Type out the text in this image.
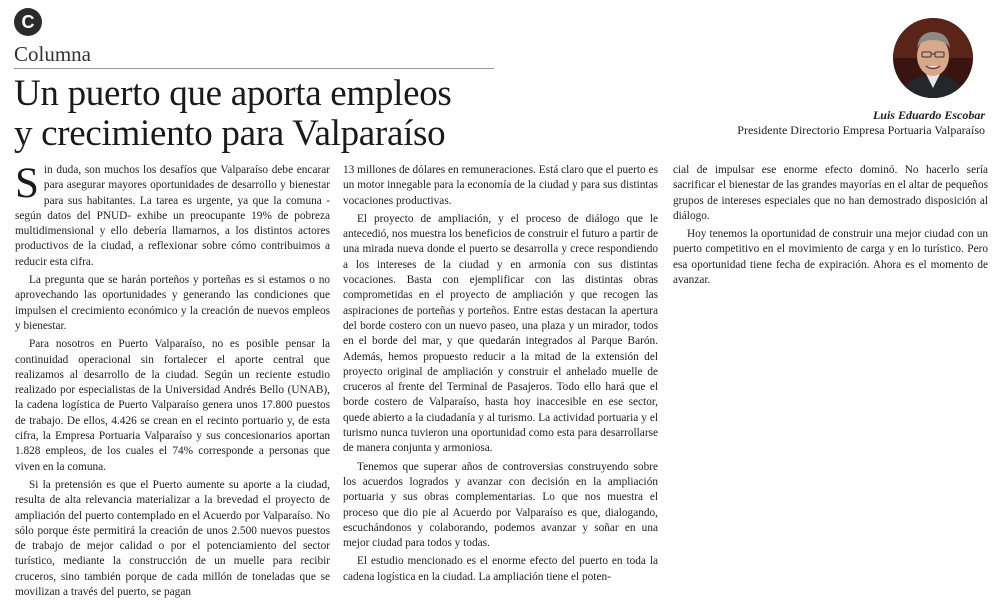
C
Columna
Un puerto que aporta empleos
y crecimiento para Valparaíso	Luis Eduardo Escobar
Presidente Directorio Empresa Portuaria Valparaíso

Sin duda, son muchos los desafíos que Valparaíso debe encarar para asegurar mayores oportunidades de desarrollo y bienestar para sus habitantes. La tarea es urgente, ya que la comuna -según datos del PNUD- exhibe un preocupante 19% de pobreza multidimensional y ello debería llamarnos, a los distintos actores productivos de la ciudad, a reflexionar sobre cómo contribuimos a reducir esta cifra.

La pregunta que se harán porteños y porteñas es si estamos o no aprovechando las oportunidades y generando las condiciones que impulsen el crecimiento económico y la creación de nuevos empleos y bienestar.

Para nosotros en Puerto Valparaíso, no es posible pensar la continuidad operacional sin fortalecer el aporte central que realizamos al desarrollo de la ciudad. Según un reciente estudio realizado por especialistas de la Universidad Andrés Bello (UNAB), la cadena logística de Puerto Valparaíso genera unos 17.800 puestos de trabajo. De ellos, 4.426 se crean en el recinto portuario y, de esta cifra, la Empresa Portuaria Valparaíso y sus concesionarios aportan 1.828 empleos, de los cuales el 74% corresponde a personas que viven en la comuna.

Si la pretensión es que el Puerto aumente su aporte a la ciudad, resulta de alta relevancia materializar a la brevedad el proyecto de ampliación del puerto contemplado en el Acuerdo por Valparaíso. No sólo porque éste permitirá la creación de unos 2.500 nuevos puestos de trabajo de mejor calidad o por el potenciamiento del sector turístico, mediante la construcción de un muelle para recibir cruceros, sino también porque de cada millón de toneladas que se movilizan a través del puerto, se pagan

13 millones de dólares en remuneraciones. Está claro que el puerto es un motor innegable para la economía de la ciudad y para sus distintas vocaciones productivas.

El proyecto de ampliación, y el proceso de diálogo que le antecedió, nos muestra los beneficios de construir el futuro a partir de una mirada nueva donde el puerto se desarrolla y crece respondiendo a los intereses de la ciudad y en armonía con sus distintas vocaciones. Basta con ejemplificar con las distintas obras comprometidas en el proyecto de ampliación y que recogen las aspiraciones de porteñas y porteños. Entre estas destacan la apertura del borde costero con un nuevo paseo, una plaza y un mirador, todos en el borde del mar, y que quedarán integrados al Parque Barón. Además, hemos propuesto reducir a la mitad de la extensión del proyecto original de ampliación y construir el anhelado muelle de cruceros al frente del Terminal de Pasajeros. Todo ello hará que el borde costero de Valparaíso, hasta hoy inaccesible en ese sector, quede abierto a la ciudadanía y al turismo. La actividad portuaria y el turismo nunca tuvieron una oportunidad como esta para desarrollarse de manera conjunta y armoniosa.

Tenemos que superar años de controversias construyendo sobre los acuerdos logrados y avanzar con decisión en la ampliación portuaria y sus obras complementarias. Lo que nos muestra el proceso que dio pie al Acuerdo por Valparaíso es que, dialogando, escuchándonos y colaborando, podemos avanzar y soñar en una mejor ciudad para todos y todas.

El estudio mencionado es el enorme efecto del puerto en toda la cadena logística en la ciudad. La ampliación tiene el poten-

cial de impulsar ese enorme efecto dominó. No hacerlo sería sacrificar el bienestar de las grandes mayorías en el altar de pequeños grupos de intereses especiales que no han demostrado disposición al diálogo.

Hoy tenemos la oportunidad de construir una mejor ciudad con un puerto competitivo en el movimiento de carga y en lo turístico. Pero esa oportunidad tiene fecha de expiración. Ahora es el momento de avanzar.
